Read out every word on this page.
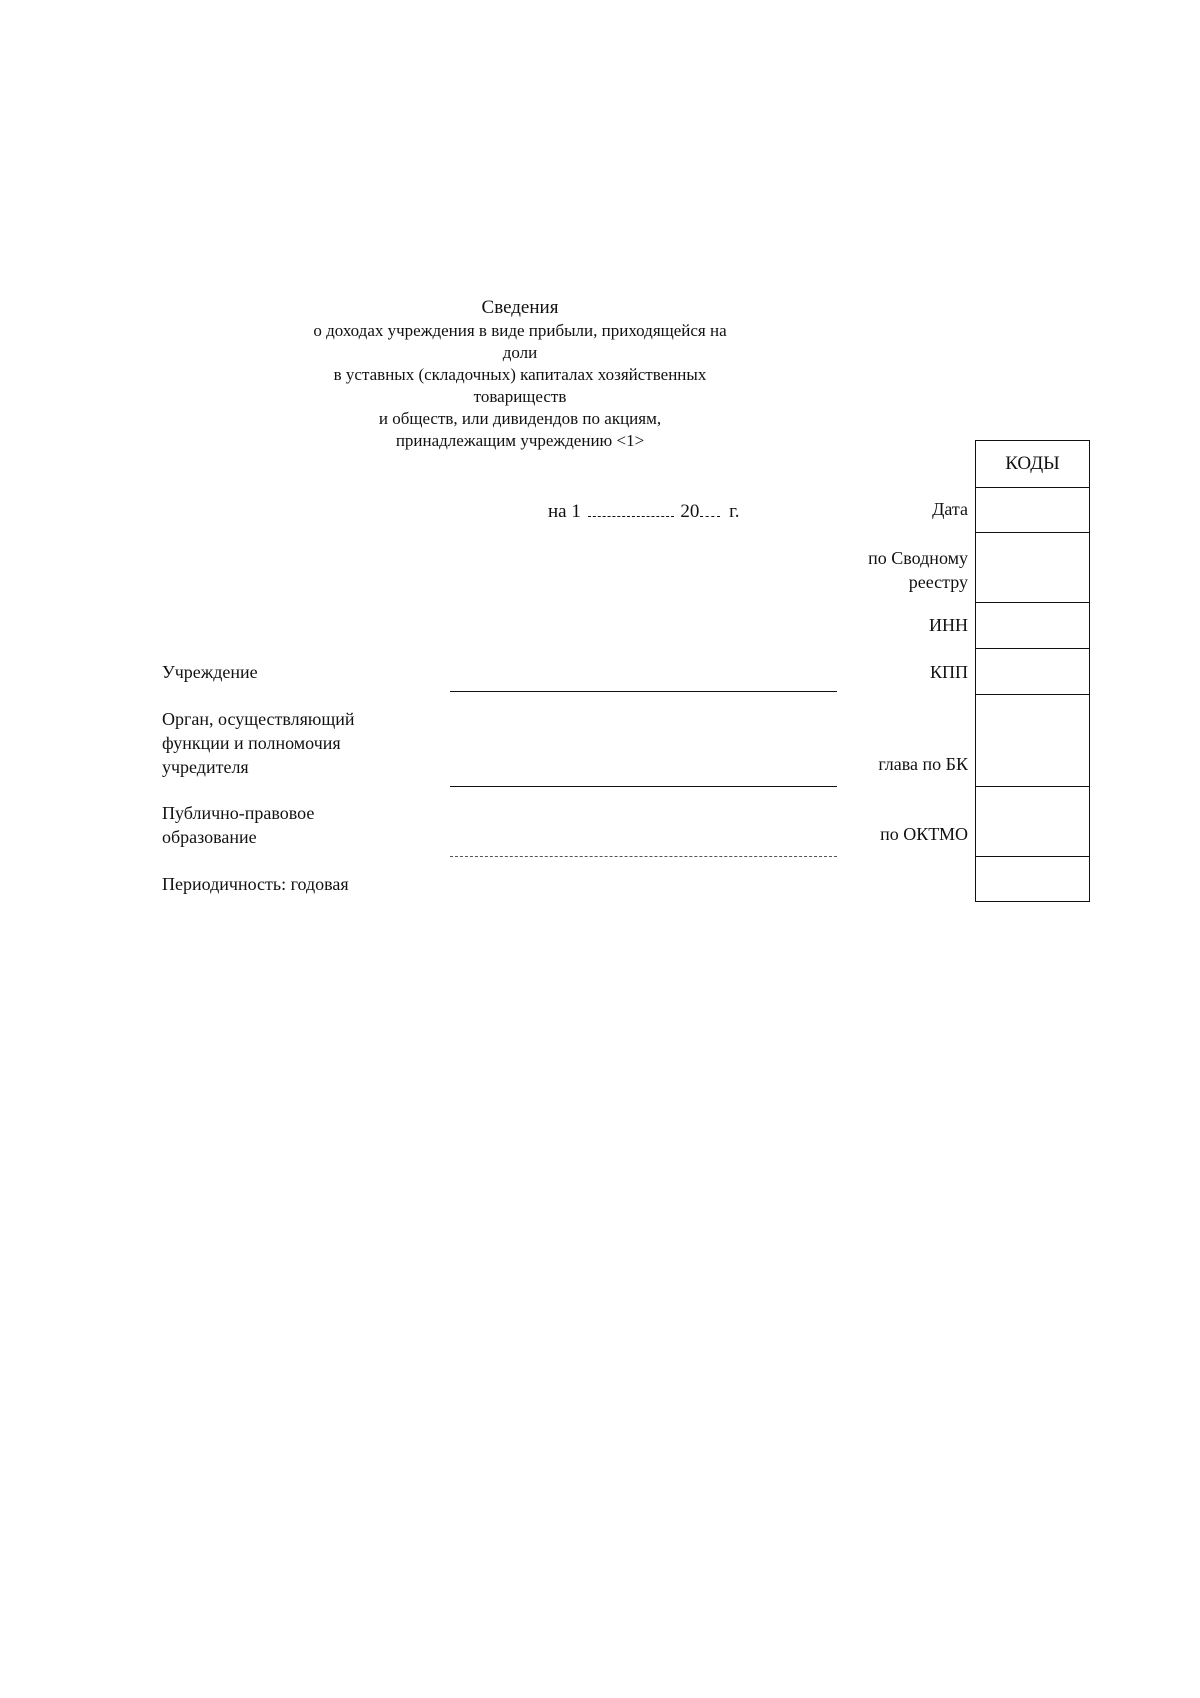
Сведения
о доходах учреждения в виде прибыли, приходящейся на доли
в уставных (складочных) капиталах хозяйственных товариществ
и обществ, или дивидендов по акциям,
принадлежащим учреждению <1>
на 1	20 г.
Учреждение
Орган, осуществляющий
функции и полномочия
учредителя
Публично-правовое
образование
Периодичность: годовая
Дата
по Сводному
реестру
ИНН
КПП
глава по БК
по ОКТМО
КОДЫ
